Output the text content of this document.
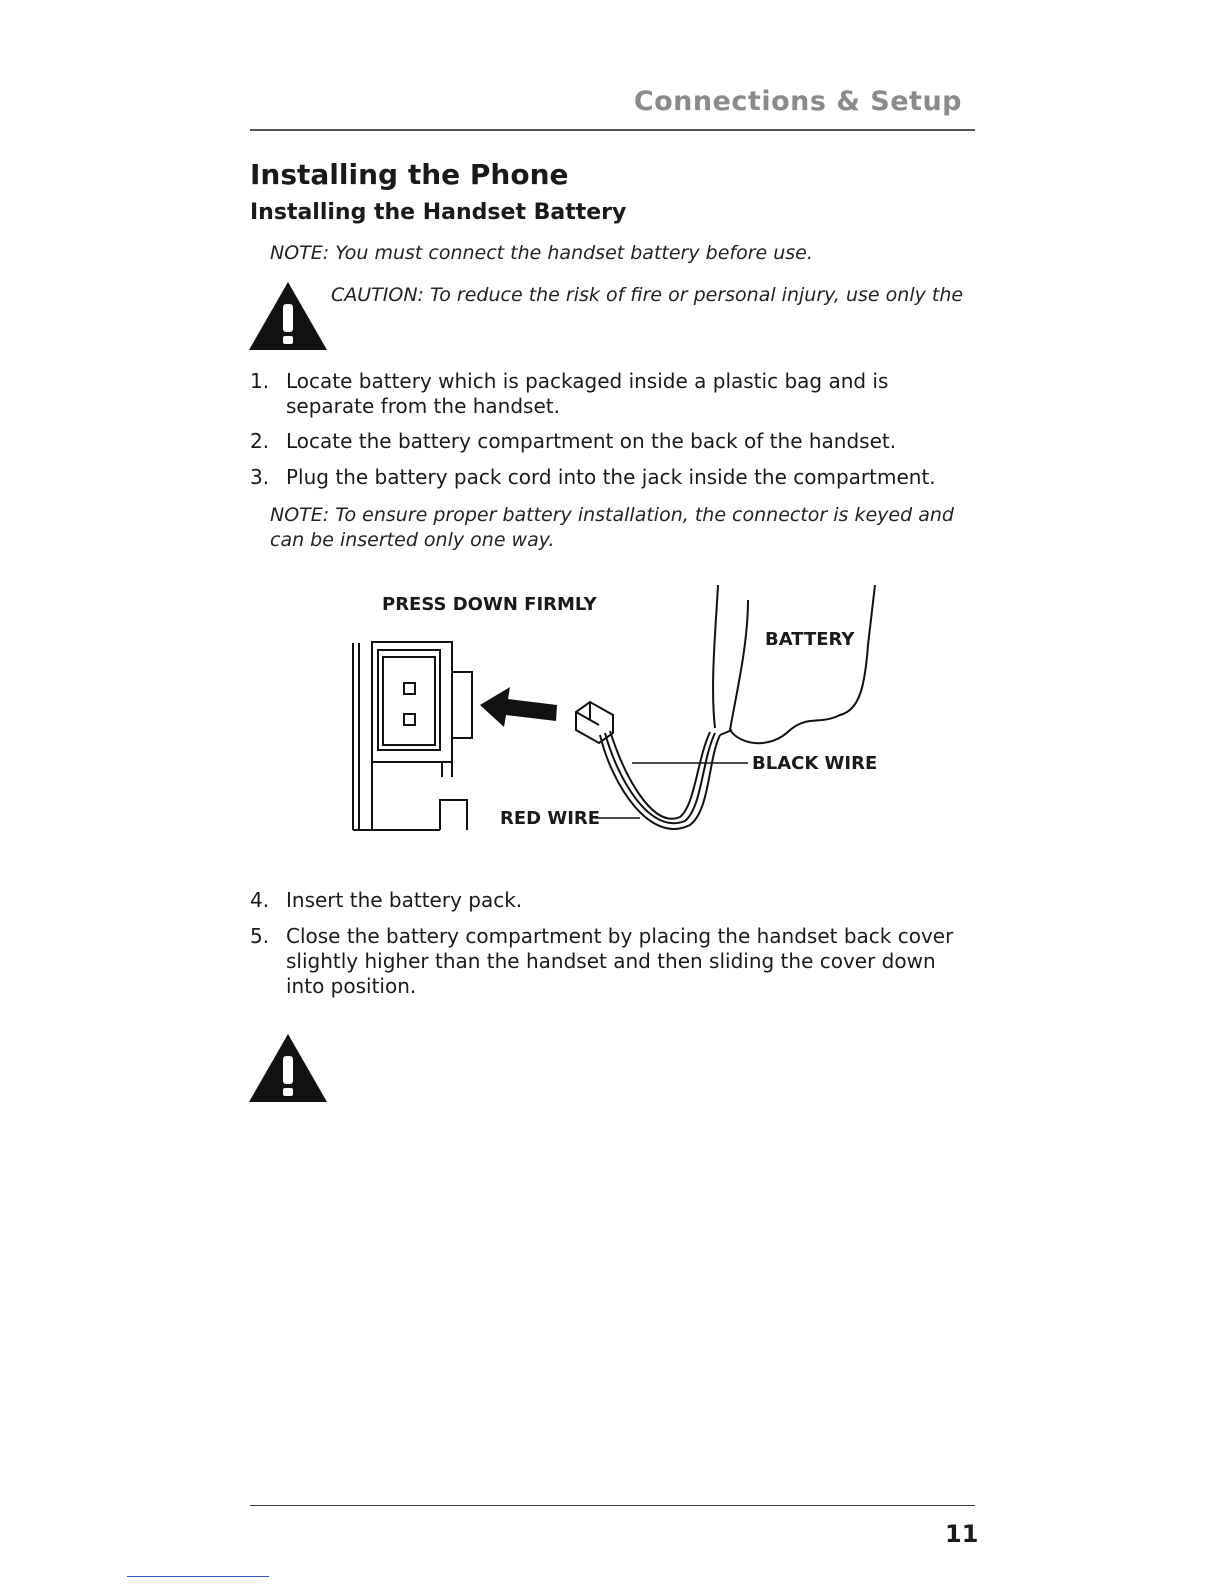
Connections & Setup
Installing the Phone
Installing the Handset Battery
NOTE: You must connect the handset battery before use.
CAUTION: To reduce the risk of fire or personal injury, use only the
1. Locate battery which is packaged inside a plastic bag and is separate from the handset.
2. Locate the battery compartment on the back of the handset.
3. Plug the battery pack cord into the jack inside the compartment.
NOTE: To ensure proper battery installation, the connector is keyed and can be inserted only one way.
PRESS DOWN FIRMLY
BATTERY
BLACK WIRE
RED WIRE
4. Insert the battery pack.
5. Close the battery compartment by placing the handset back cover slightly higher than the handset and then sliding the cover down into position.
11
